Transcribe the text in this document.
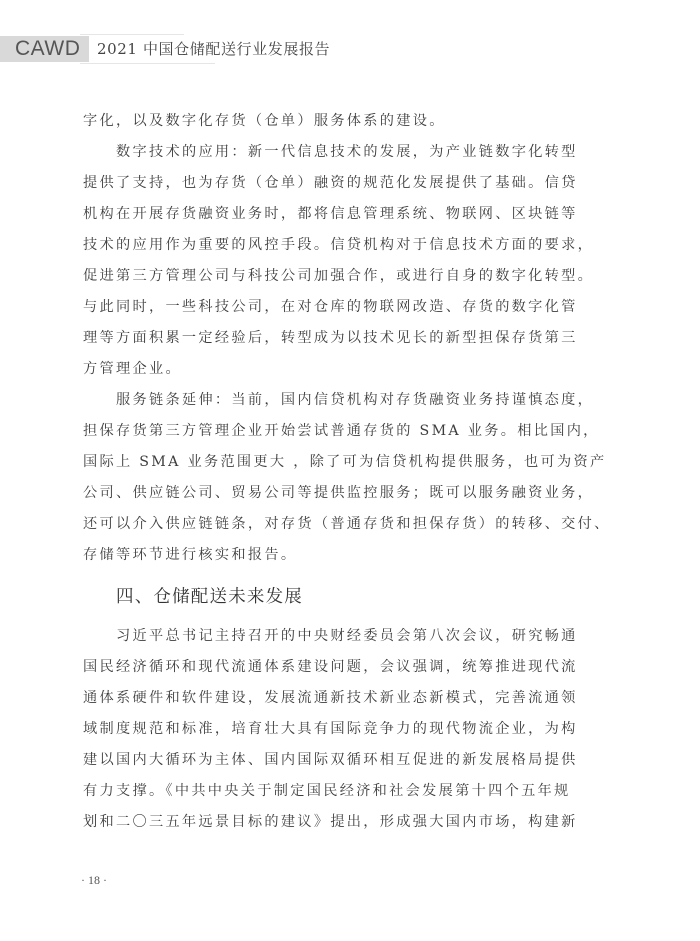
CAWD 2021 中国仓储配送行业发展报告
字化，以及数字化存货（仓单）服务体系的建设。
数字技术的应用：新一代信息技术的发展，为产业链数字化转型
提供了支持，也为存货（仓单）融资的规范化发展提供了基础。信贷
机构在开展存货融资业务时，都将信息管理系统、物联网、区块链等
技术的应用作为重要的风控手段。信贷机构对于信息技术方面的要求，
促进第三方管理公司与科技公司加强合作，或进行自身的数字化转型。
与此同时，一些科技公司，在对仓库的物联网改造、存货的数字化管
理等方面积累一定经验后，转型成为以技术见长的新型担保存货第三
方管理企业。
服务链条延伸：当前，国内信贷机构对存货融资业务持谨慎态度，
担保存货第三方管理企业开始尝试普通存货的 SMA 业务。相比国内，
国际上 SMA 业务范围更大 ，除了可为信贷机构提供服务，也可为资产
公司、供应链公司、贸易公司等提供监控服务；既可以服务融资业务，
还可以介入供应链链条，对存货（普通存货和担保存货）的转移、交付、
存储等环节进行核实和报告。
四、仓储配送未来发展
习近平总书记主持召开的中央财经委员会第八次会议，研究畅通
国民经济循环和现代流通体系建设问题，会议强调，统筹推进现代流
通体系硬件和软件建设，发展流通新技术新业态新模式，完善流通领
域制度规范和标准，培育壮大具有国际竞争力的现代物流企业，为构
建以国内大循环为主体、国内国际双循环相互促进的新发展格局提供
有力支撑。《中共中央关于制定国民经济和社会发展第十四个五年规
划和二〇三五年远景目标的建议》提出，形成强大国内市场，构建新
· 18 ·
